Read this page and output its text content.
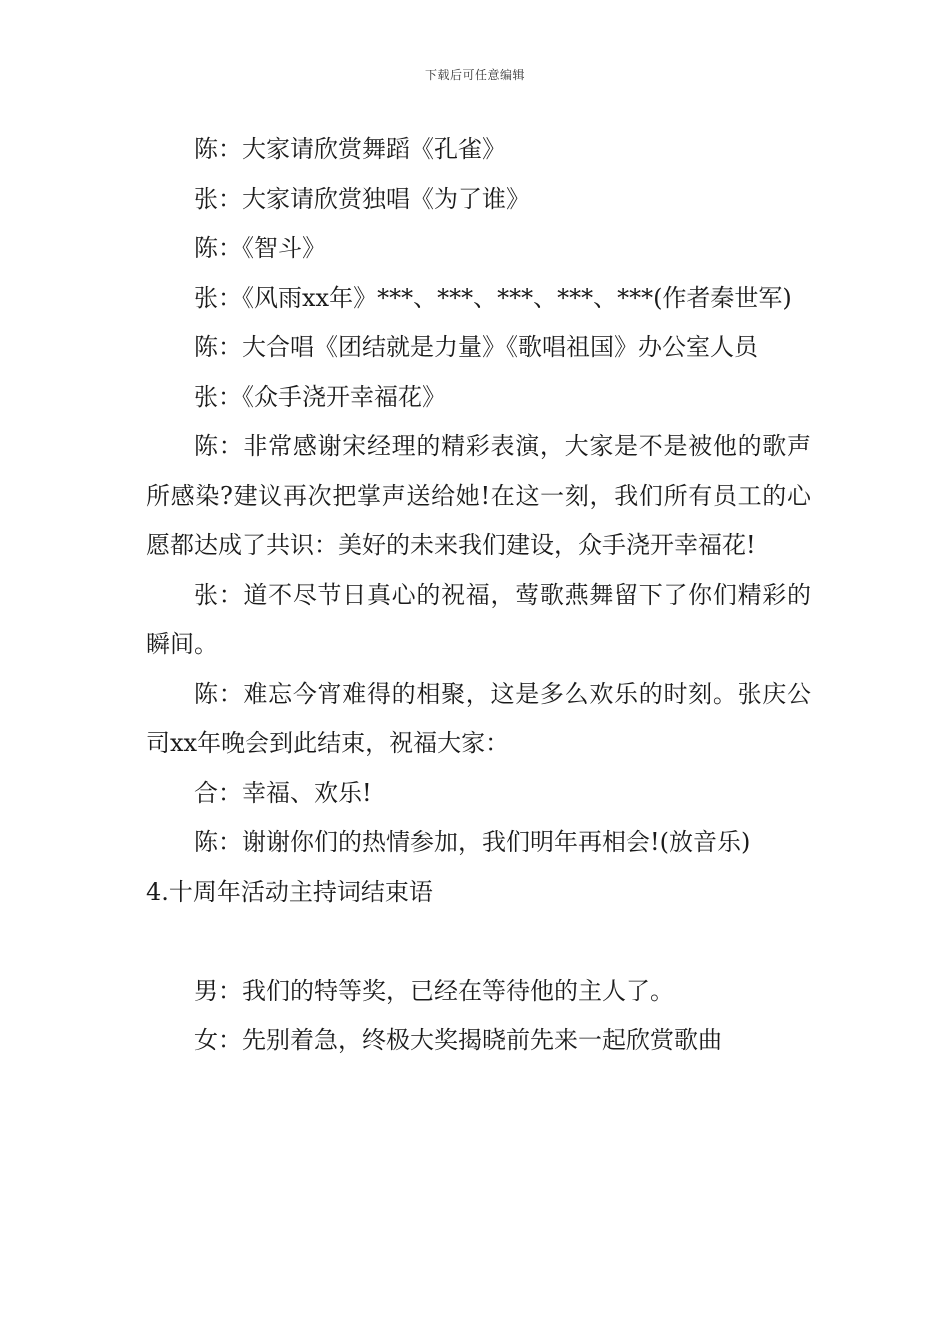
下载后可任意编辑

陈：大家请欣赏舞蹈《孔雀》

张：大家请欣赏独唱《为了谁》

陈：《智斗》

张：《风雨xx年》***、***、***、***、***(作者秦世军)

陈：大合唱《团结就是力量》《歌唱祖国》办公室人员

张：《众手浇开幸福花》

陈：非常感谢宋经理的精彩表演，大家是不是被他的歌声所感染?建议再次把掌声送给她!在这一刻，我们所有员工的心愿都达成了共识：美好的未来我们建设，众手浇开幸福花!

张：道不尽节日真心的祝福，莺歌燕舞留下了你们精彩的瞬间。

陈：难忘今宵难得的相聚，这是多么欢乐的时刻。张庆公司xx年晚会到此结束，祝福大家：

合：幸福、欢乐!

陈：谢谢你们的热情参加，我们明年再相会!(放音乐)

4.十周年活动主持词结束语

男：我们的特等奖，已经在等待他的主人了。

女：先别着急，终极大奖揭晓前先来一起欣赏歌曲
